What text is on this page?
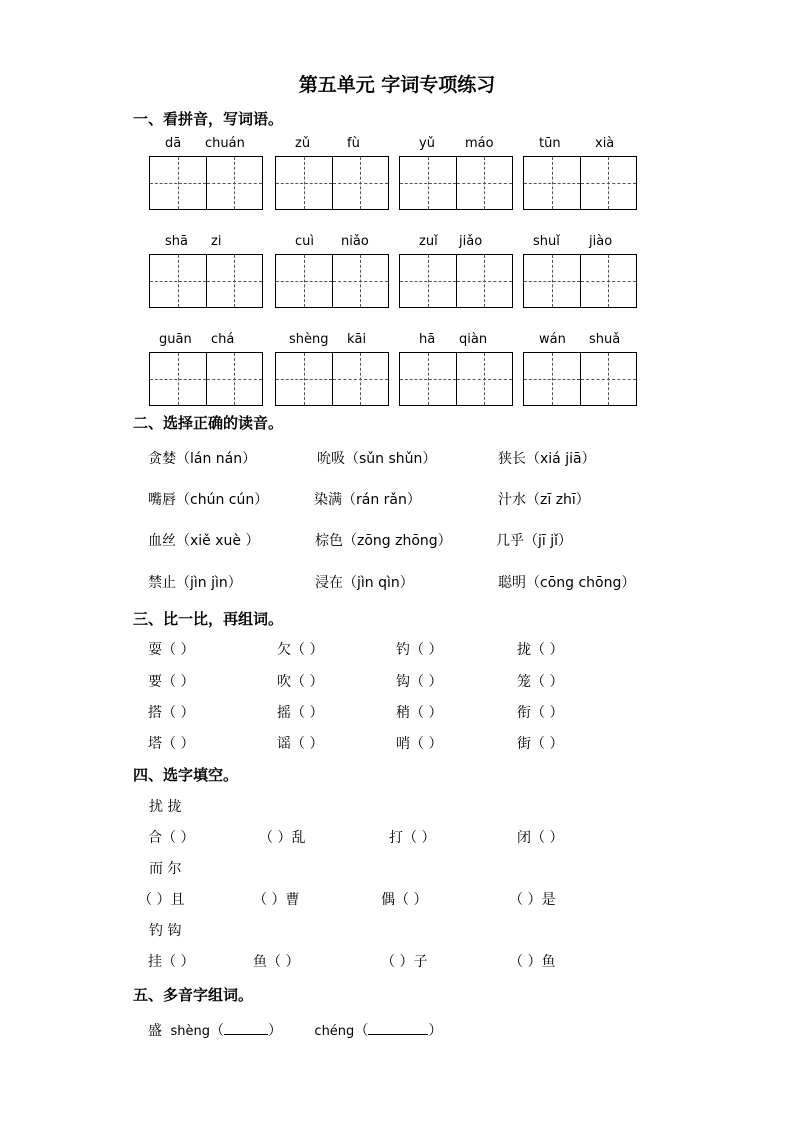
第五单元 字词专项练习
一、看拼音，写词语。
dā chuán	zǔ	fù	yǔ máo	tūn	xià
shā zi	cuì niǎo	zuǐ jiǎo	shuǐ jiào
guān chá	shèng kāi	hā qiàn	wán shuǎ
二、选择正确的读音。
贪婪（lán nán）	吮吸（sǔn shǔn）	狭长（xiá jiā）
嘴唇（chún cún）	染满（rán rǎn）	汁水（zī zhī）
血丝（xiě xuè ）	棕色（zōng zhōng）	几乎（jī jǐ）
禁止（jìn jìn）	浸在（jìn qìn）	聪明（cōng chōng）
三、比一比，再组词。
耍（ ）	欠（ ）	钓（ ）	拢（ ）
要（ ）	吹（ ）	钩（ ）	笼（ ）
搭（ ）	摇（ ）	稍（ ）	衔（ ）
塔（ ）	谣（ ）	哨（ ）	街（ ）
四、选字填空。
扰 拢
合（ ）	（ ）乱	打（ ）	闭（ ）
而 尔
（ ）且	（ ）曹	偶（ ）	（ ）是
钓 钩
挂（ ）	鱼（ ）	（ ）子	（ ）鱼
五、多音字组词。
盛 shèng（	） chéng（	）
